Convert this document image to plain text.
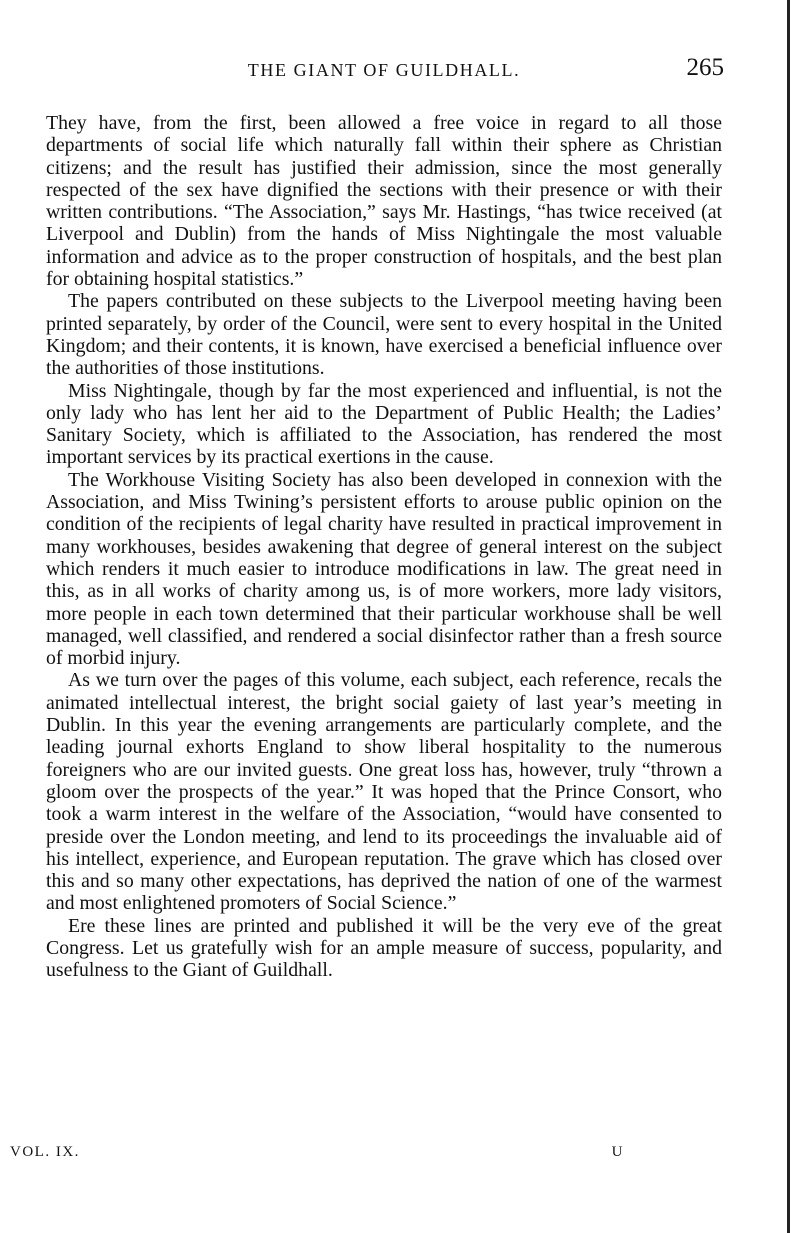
THE GIANT OF GUILDHALL.	265

They have, from the first, been allowed a free voice in regard to all those departments of social life which naturally fall within their sphere as Christian citizens; and the result has justified their admission, since the most generally respected of the sex have dignified the sections with their presence or with their written contributions. “The Association,” says Mr. Hastings, “has twice received (at Liverpool and Dublin) from the hands of Miss Nightingale the most valuable information and advice as to the proper construction of hospitals, and the best plan for obtaining hospital statistics.”

The papers contributed on these subjects to the Liverpool meeting having been printed separately, by order of the Council, were sent to every hospital in the United Kingdom; and their contents, it is known, have exercised a beneficial influence over the authorities of those institutions.

Miss Nightingale, though by far the most experienced and influential, is not the only lady who has lent her aid to the Department of Public Health; the Ladies’ Sanitary Society, which is affiliated to the Association, has rendered the most important services by its practical exertions in the cause.

The Workhouse Visiting Society has also been developed in connexion with the Association, and Miss Twining’s persistent efforts to arouse public opinion on the condition of the recipients of legal charity have resulted in practical improvement in many workhouses, besides awakening that degree of general interest on the subject which renders it much easier to introduce modifications in law. The great need in this, as in all works of charity among us, is of more workers, more lady visitors, more people in each town determined that their particular workhouse shall be well managed, well classified, and rendered a social disinfector rather than a fresh source of morbid injury.

As we turn over the pages of this volume, each subject, each reference, recals the animated intellectual interest, the bright social gaiety of last year’s meeting in Dublin. In this year the evening arrangements are particularly complete, and the leading journal exhorts England to show liberal hospitality to the numerous foreigners who are our invited guests. One great loss has, however, truly “thrown a gloom over the prospects of the year.” It was hoped that the Prince Consort, who took a warm interest in the welfare of the Association, “would have consented to preside over the London meeting, and lend to its proceedings the invaluable aid of his intellect, experience, and European reputation. The grave which has closed over this and so many other expectations, has deprived the nation of one of the warmest and most enlightened promoters of Social Science.”

Ere these lines are printed and published it will be the very eve of the great Congress. Let us gratefully wish for an ample measure of success, popularity, and usefulness to the Giant of Guildhall.

VOL. IX.	U
